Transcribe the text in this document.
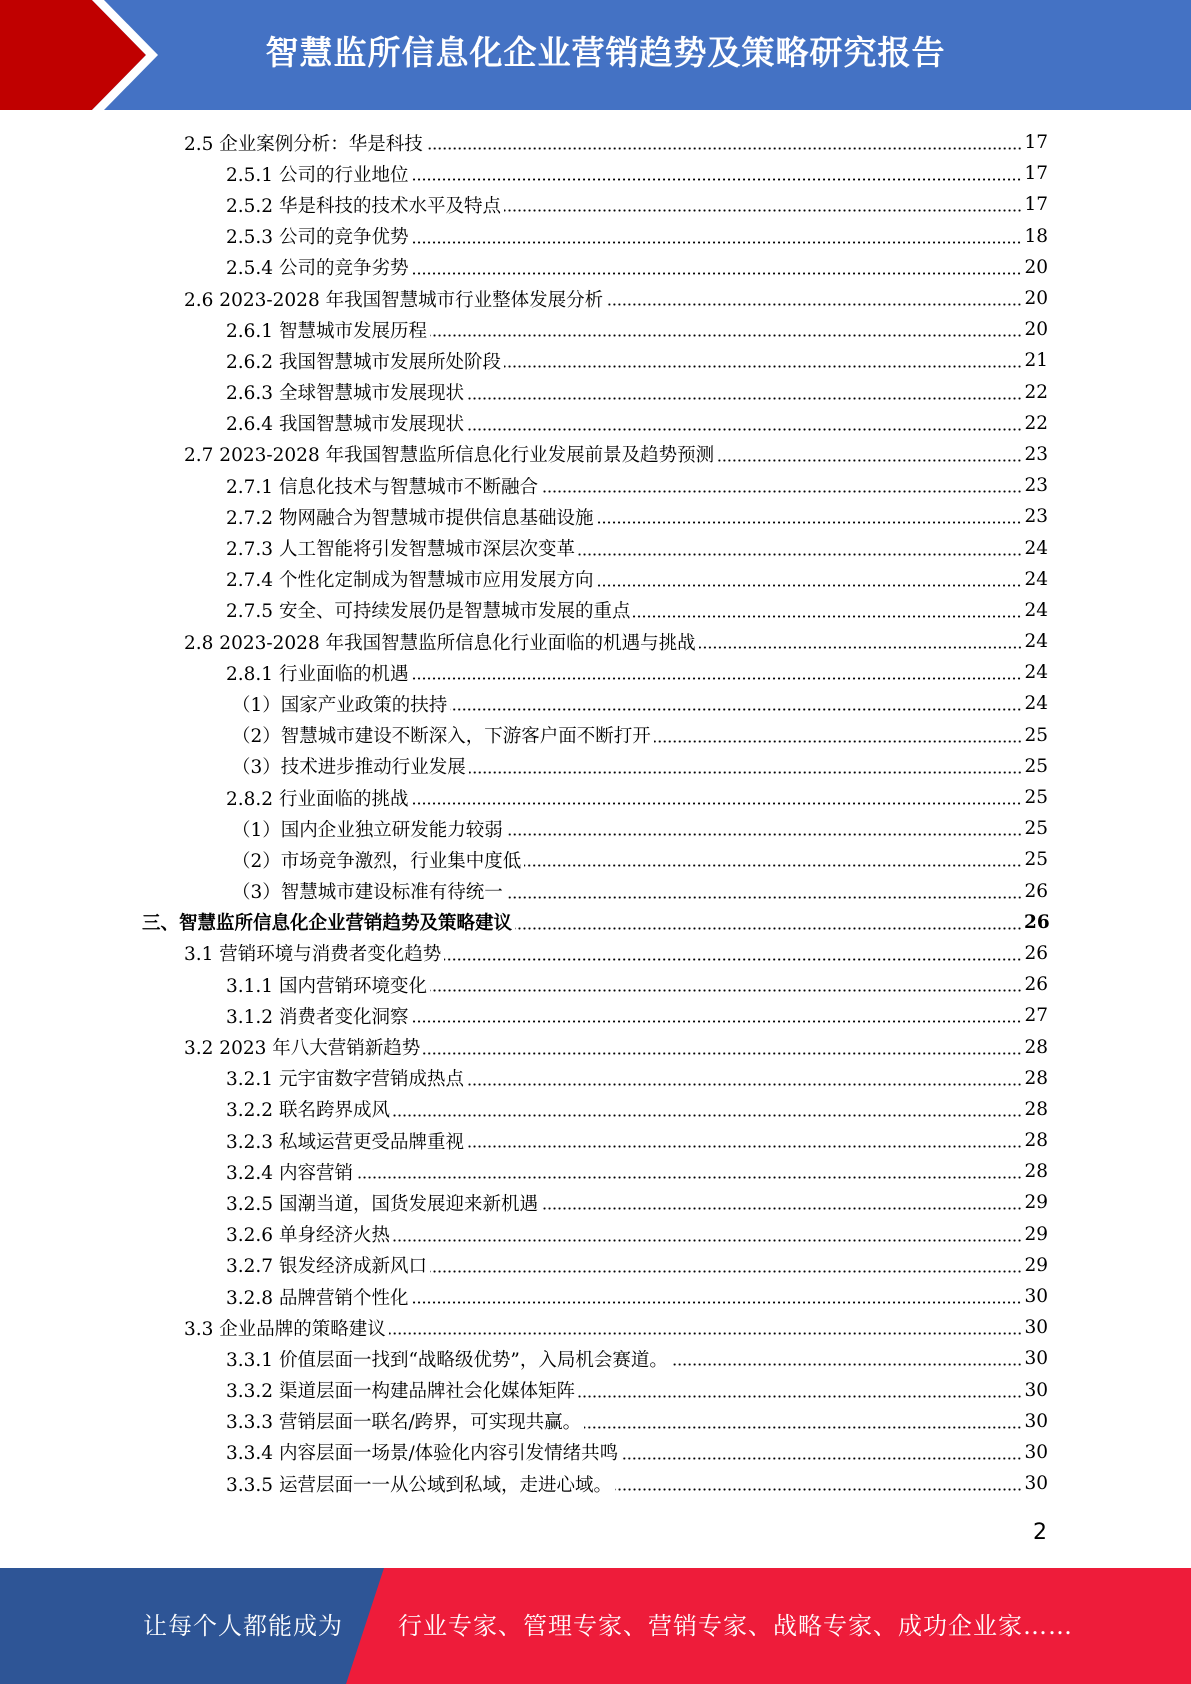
智慧监所信息化企业营销趋势及策略研究报告
2.5 企业案例分析：华是科技	17
2.5.1 公司的行业地位	17
2.5.2 华是科技的技术水平及特点	17
2.5.3 公司的竞争优势	18
2.5.4 公司的竞争劣势	20
2.6 2023-2028 年我国智慧城市行业整体发展分析	20
2.6.1 智慧城市发展历程	20
2.6.2 我国智慧城市发展所处阶段	21
2.6.3 全球智慧城市发展现状	22
2.6.4 我国智慧城市发展现状	22
2.7 2023-2028 年我国智慧监所信息化行业发展前景及趋势预测	23
2.7.1 信息化技术与智慧城市不断融合	23
2.7.2 物网融合为智慧城市提供信息基础设施	23
2.7.3 人工智能将引发智慧城市深层次变革	24
2.7.4 个性化定制成为智慧城市应用发展方向	24
2.7.5 安全、可持续发展仍是智慧城市发展的重点	24
2.8 2023-2028 年我国智慧监所信息化行业面临的机遇与挑战	24
2.8.1 行业面临的机遇	24
（1）国家产业政策的扶持	24
（2）智慧城市建设不断深入，下游客户面不断打开	25
（3）技术进步推动行业发展	25
2.8.2 行业面临的挑战	25
（1）国内企业独立研发能力较弱	25
（2）市场竞争激烈，行业集中度低	25
（3）智慧城市建设标准有待统一	26
三、智慧监所信息化企业营销趋势及策略建议	26
3.1 营销环境与消费者变化趋势	26
3.1.1 国内营销环境变化	26
3.1.2 消费者变化洞察	27
3.2 2023 年八大营销新趋势	28
3.2.1 元宇宙数字营销成热点	28
3.2.2 联名跨界成风	28
3.2.3 私域运营更受品牌重视	28
3.2.4 内容营销	28
3.2.5 国潮当道，国货发展迎来新机遇	29
3.2.6 单身经济火热	29
3.2.7 银发经济成新风口	29
3.2.8 品牌营销个性化	30
3.3 企业品牌的策略建议	30
3.3.1 价值层面一找到“战略级优势”，入局机会赛道。	30
3.3.2 渠道层面一构建品牌社会化媒体矩阵	30
3.3.3 营销层面一联名/跨界，可实现共赢。	30
3.3.4 内容层面一场景/体验化内容引发情绪共鸣	30
3.3.5 运营层面一一从公域到私域，走进心域。	30
2
让每个人都能成为 行业专家、管理专家、营销专家、战略专家、成功企业家……
